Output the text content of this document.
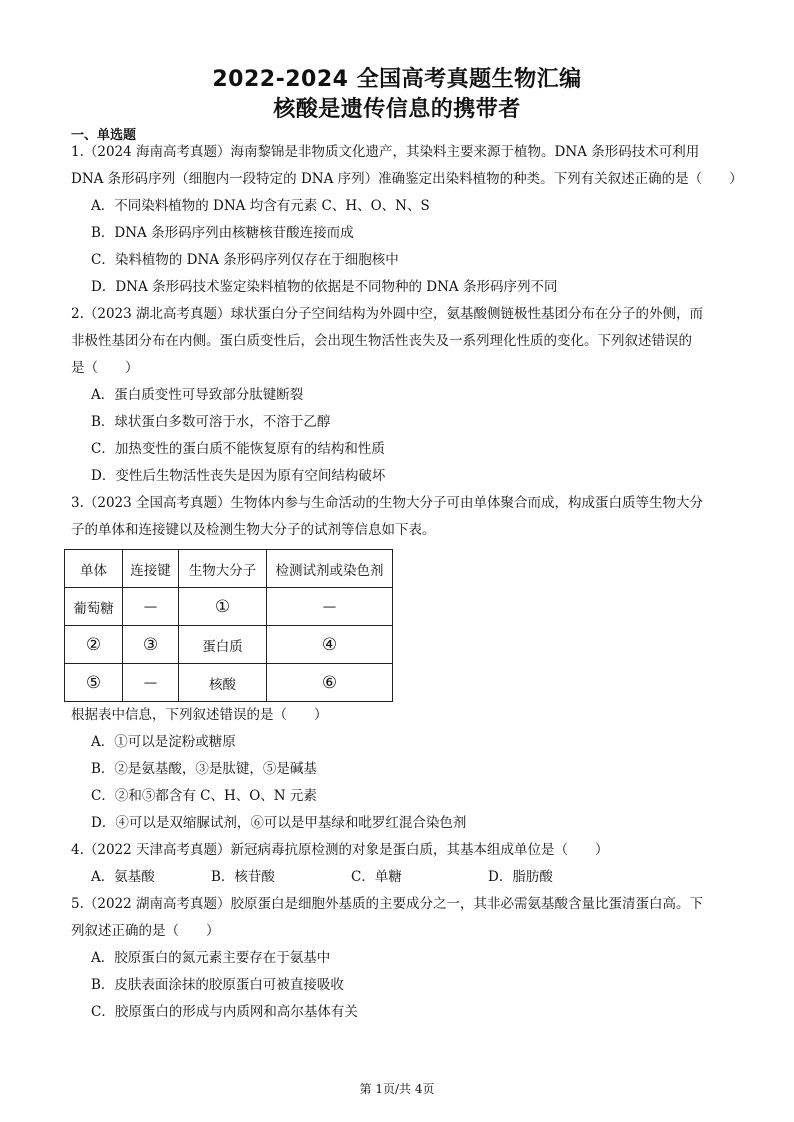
2022-2024 全国高考真题生物汇编
核酸是遗传信息的携带者
一、单选题
1.（2024 海南高考真题）海南黎锦是非物质文化遗产，其染料主要来源于植物。DNA 条形码技术可利用
DNA 条形码序列（细胞内一段特定的 DNA 序列）准确鉴定出染料植物的种类。下列有关叙述正确的是（　　）
A．不同染料植物的 DNA 均含有元素 C、H、O、N、S
B．DNA 条形码序列由核糖核苷酸连接而成
C．染料植物的 DNA 条形码序列仅存在于细胞核中
D．DNA 条形码技术鉴定染料植物的依据是不同物种的 DNA 条形码序列不同
2.（2023 湖北高考真题）球状蛋白分子空间结构为外圆中空，氨基酸侧链极性基团分布在分子的外侧，而
非极性基团分布在内侧。蛋白质变性后，会出现生物活性丧失及一系列理化性质的变化。下列叙述错误的
是（　　）
A．蛋白质变性可导致部分肽键断裂
B．球状蛋白多数可溶于水，不溶于乙醇
C．加热变性的蛋白质不能恢复原有的结构和性质
D．变性后生物活性丧失是因为原有空间结构破坏
3.（2023 全国高考真题）生物体内参与生命活动的生物大分子可由单体聚合而成，构成蛋白质等生物大分
子的单体和连接键以及检测生物大分子的试剂等信息如下表。
单体	连接键	生物大分子	检测试剂或染色剂
葡萄糖	—	①	—
②	③	蛋白质	④
⑤	—	核酸	⑥
根据表中信息，下列叙述错误的是（　　）
A．①可以是淀粉或糖原
B．②是氨基酸，③是肽键，⑤是碱基
C．②和⑤都含有 C、H、O、N 元素
D．④可以是双缩脲试剂，⑥可以是甲基绿和吡罗红混合染色剂
4.（2022 天津高考真题）新冠病毒抗原检测的对象是蛋白质，其基本组成单位是（　　）
A．氨基酸	B．核苷酸	C．单糖	D．脂肪酸
5.（2022 湖南高考真题）胶原蛋白是细胞外基质的主要成分之一，其非必需氨基酸含量比蛋清蛋白高。下
列叙述正确的是（　　）
A．胶原蛋白的氮元素主要存在于氨基中
B．皮肤表面涂抹的胶原蛋白可被直接吸收
C．胶原蛋白的形成与内质网和高尔基体有关
第 1页/共 4页
